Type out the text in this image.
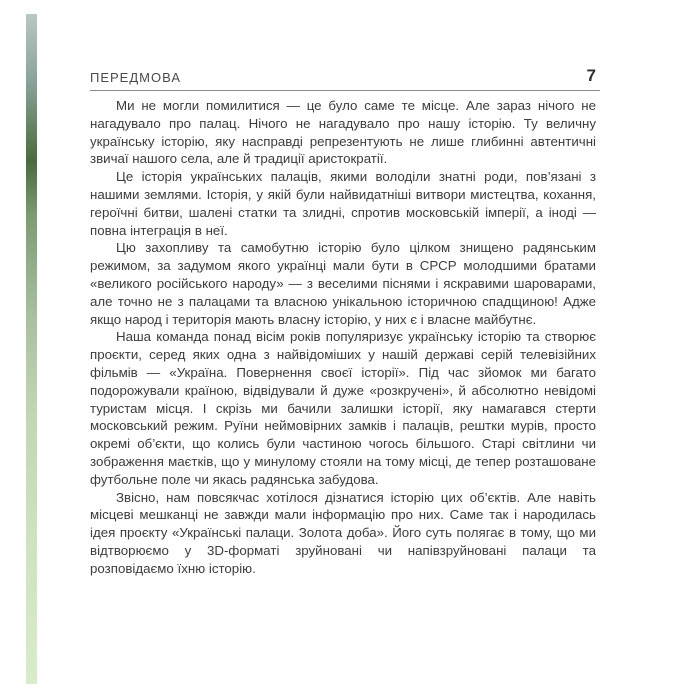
ПЕРЕДМОВА	7

Ми не могли помилитися — це було саме те місце. Але зараз нічого не нагадувало про палац. Нічого не нагадувало про нашу історію. Ту величну українську історію, яку насправді репрезентують не лише глибинні автентичні звичаї нашого села, але й традиції аристократії.

Це історія українських палаців, якими володіли знатні роди, пов’язані з нашими землями. Історія, у якій були найвидатніші витвори мистецтва, кохання, героїчні битви, шалені статки та злидні, спротив московській імперії, а іноді — повна інтеграція в неї.

Цю захопливу та самобутню історію було цілком знищено радянським режимом, за задумом якого українці мали бути в СРСР молодшими братами «великого російського народу» — з веселими піснями і яскравими шароварами, але точно не з палацами та власною унікальною історичною спадщиною! Адже якщо народ і територія мають власну історію, у них є і власне майбутнє.

Наша команда понад вісім років популяризує українську історію та створює проєкти, серед яких одна з найвідоміших у нашій державі серій телевізійних фільмів — «Україна. Повернення своєї історії». Під час зйомок ми багато подорожували країною, відвідували й дуже «розкручені», й абсолютно невідомі туристам місця. І скрізь ми бачили залишки історії, яку намагався стерти московський режим. Руїни неймовірних замків і палаців, рештки мурів, просто окремі об’єкти, що колись були частиною чогось більшого. Старі світлини чи зображення маєтків, що у минулому стояли на тому місці, де тепер розташоване футбольне поле чи якась радянська забудова.

Звісно, нам повсякчас хотілося дізнатися історію цих об’єктів. Але навіть місцеві мешканці не завжди мали інформацію про них. Саме так і народилась ідея проєкту «Українські палаци. Золота доба». Його суть полягає в тому, що ми відтворюємо у 3D-форматі зруйновані чи напівзруйновані палаци та розповідаємо їхню історію.
